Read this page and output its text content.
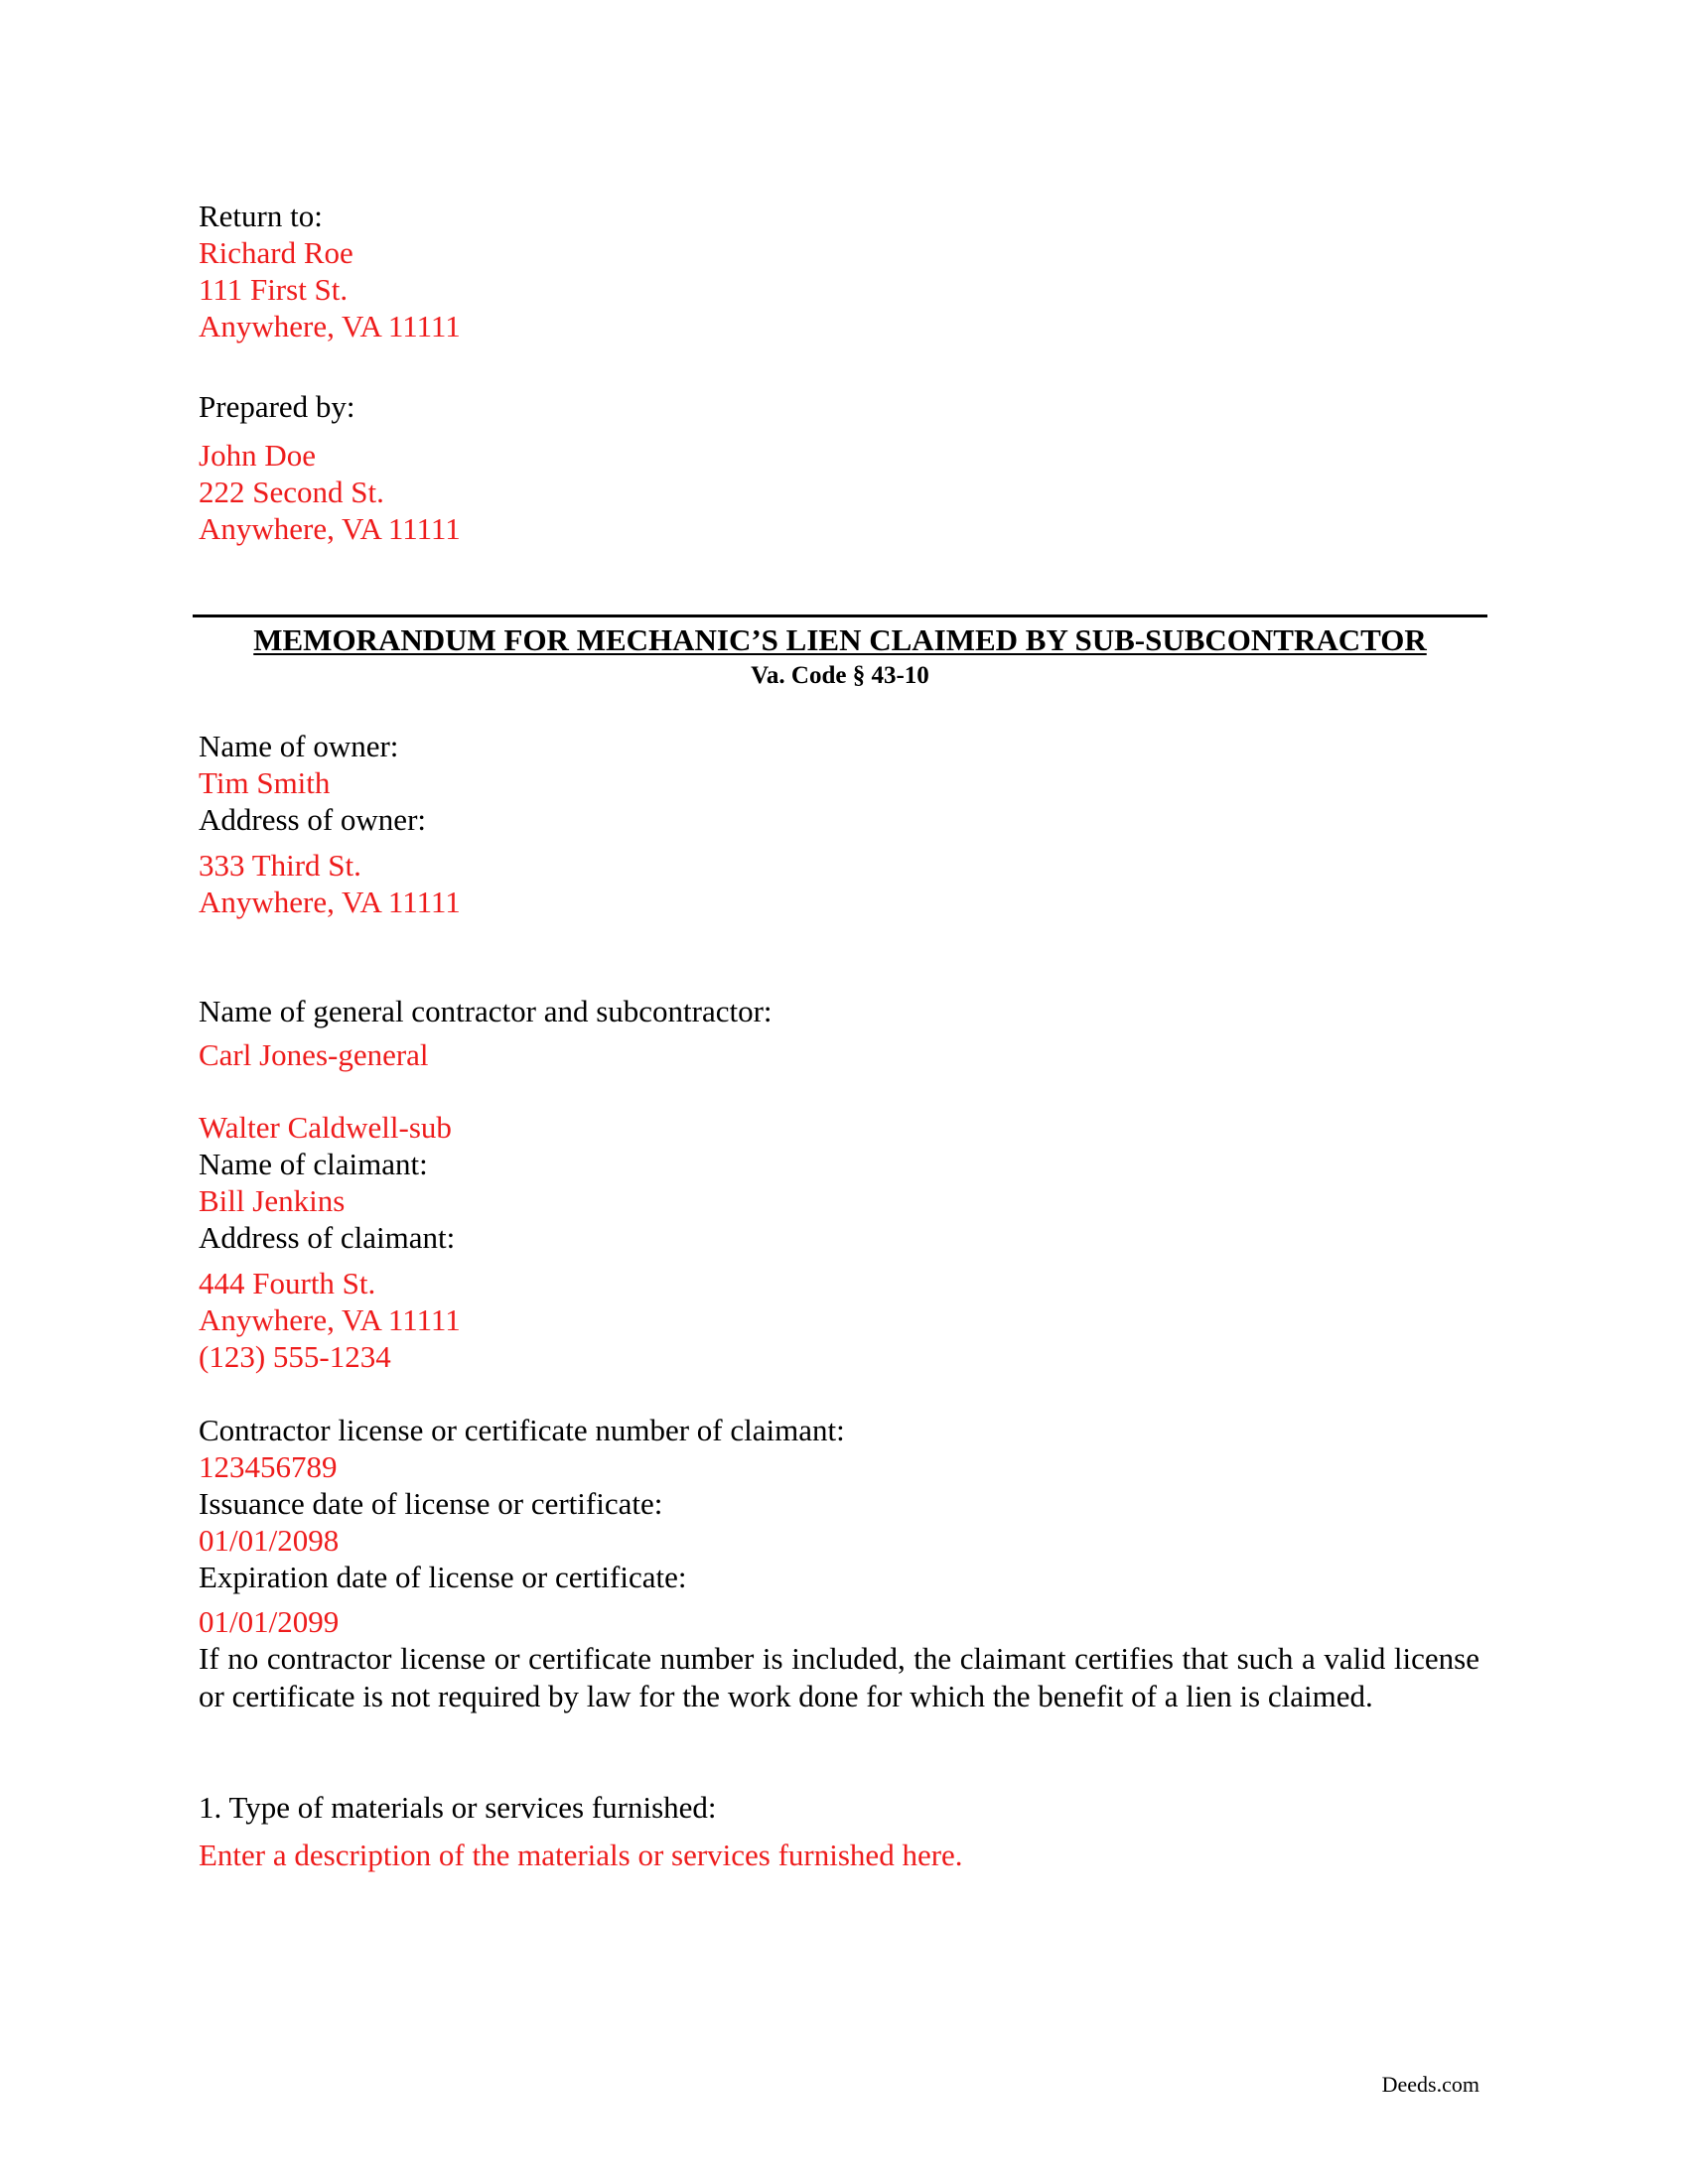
Return to:
Richard Roe
111 First St.
Anywhere, VA 11111
Prepared by:
John Doe
222 Second St.
Anywhere, VA 11111
MEMORANDUM FOR MECHANIC’S LIEN CLAIMED BY SUB-SUBCONTRACTOR
Va. Code § 43-10
Name of owner:
Tim Smith
Address of owner:
333 Third St.
Anywhere, VA 11111
Name of general contractor and subcontractor:
Carl Jones-general
Walter Caldwell-sub
Name of claimant:
Bill Jenkins
Address of claimant:
444 Fourth St.
Anywhere, VA 11111
(123) 555-1234
Contractor license or certificate number of claimant:
123456789
Issuance date of license or certificate:
01/01/2098
Expiration date of license or certificate:
01/01/2099
If no contractor license or certificate number is included, the claimant certifies that such a valid license or certificate is not required by law for the work done for which the benefit of a lien is claimed.
1. Type of materials or services furnished:
Enter a description of the materials or services furnished here.
Deeds.com
